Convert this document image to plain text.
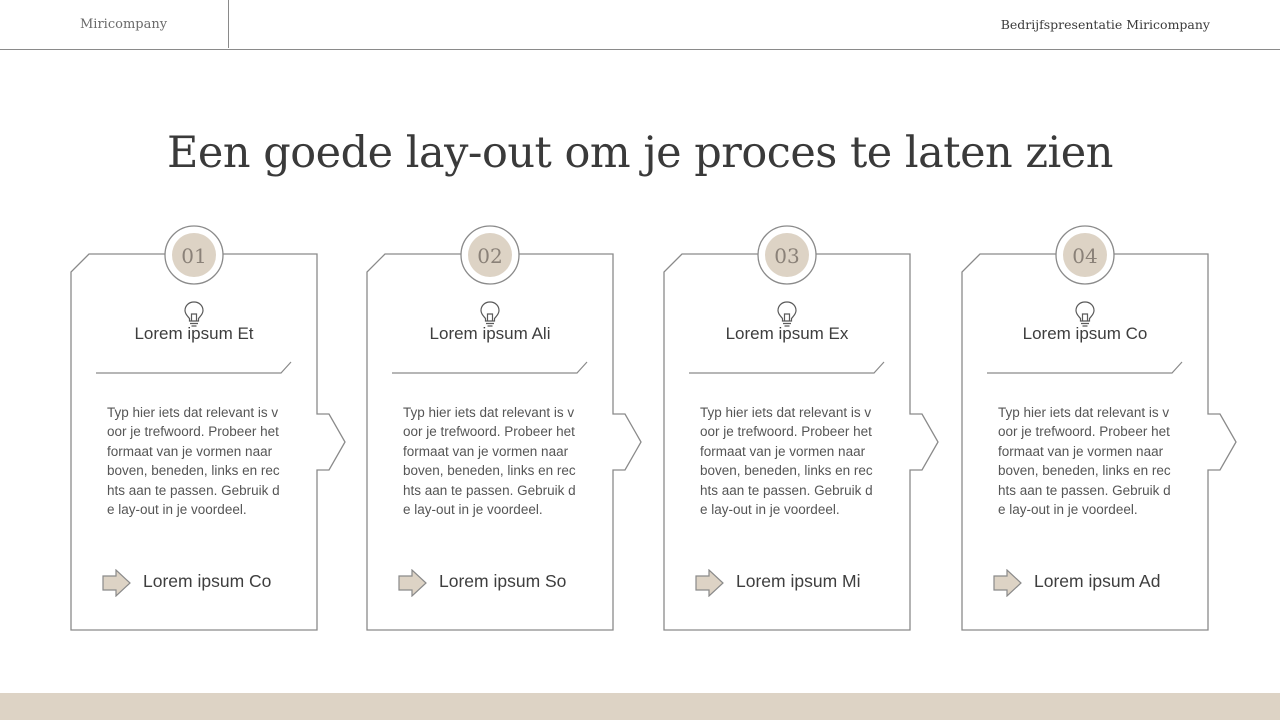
Miricompany	Bedrijfspresentatie Miricompany
Een goede lay-out om je proces te laten zien
01
Lorem ipsum Et
Typ hier iets dat relevant is voor je trefwoord. Probeer het formaat van je vormen naar boven, beneden, links en rechts aan te passen. Gebruik de lay-out in je voordeel.
Lorem ipsum Co
02
Lorem ipsum Ali
Typ hier iets dat relevant is voor je trefwoord. Probeer het formaat van je vormen naar boven, beneden, links en rechts aan te passen. Gebruik de lay-out in je voordeel.
Lorem ipsum So
03
Lorem ipsum Ex
Typ hier iets dat relevant is voor je trefwoord. Probeer het formaat van je vormen naar boven, beneden, links en rechts aan te passen. Gebruik de lay-out in je voordeel.
Lorem ipsum Mi
04
Lorem ipsum Co
Typ hier iets dat relevant is voor je trefwoord. Probeer het formaat van je vormen naar boven, beneden, links en rechts aan te passen. Gebruik de lay-out in je voordeel.
Lorem ipsum Ad
